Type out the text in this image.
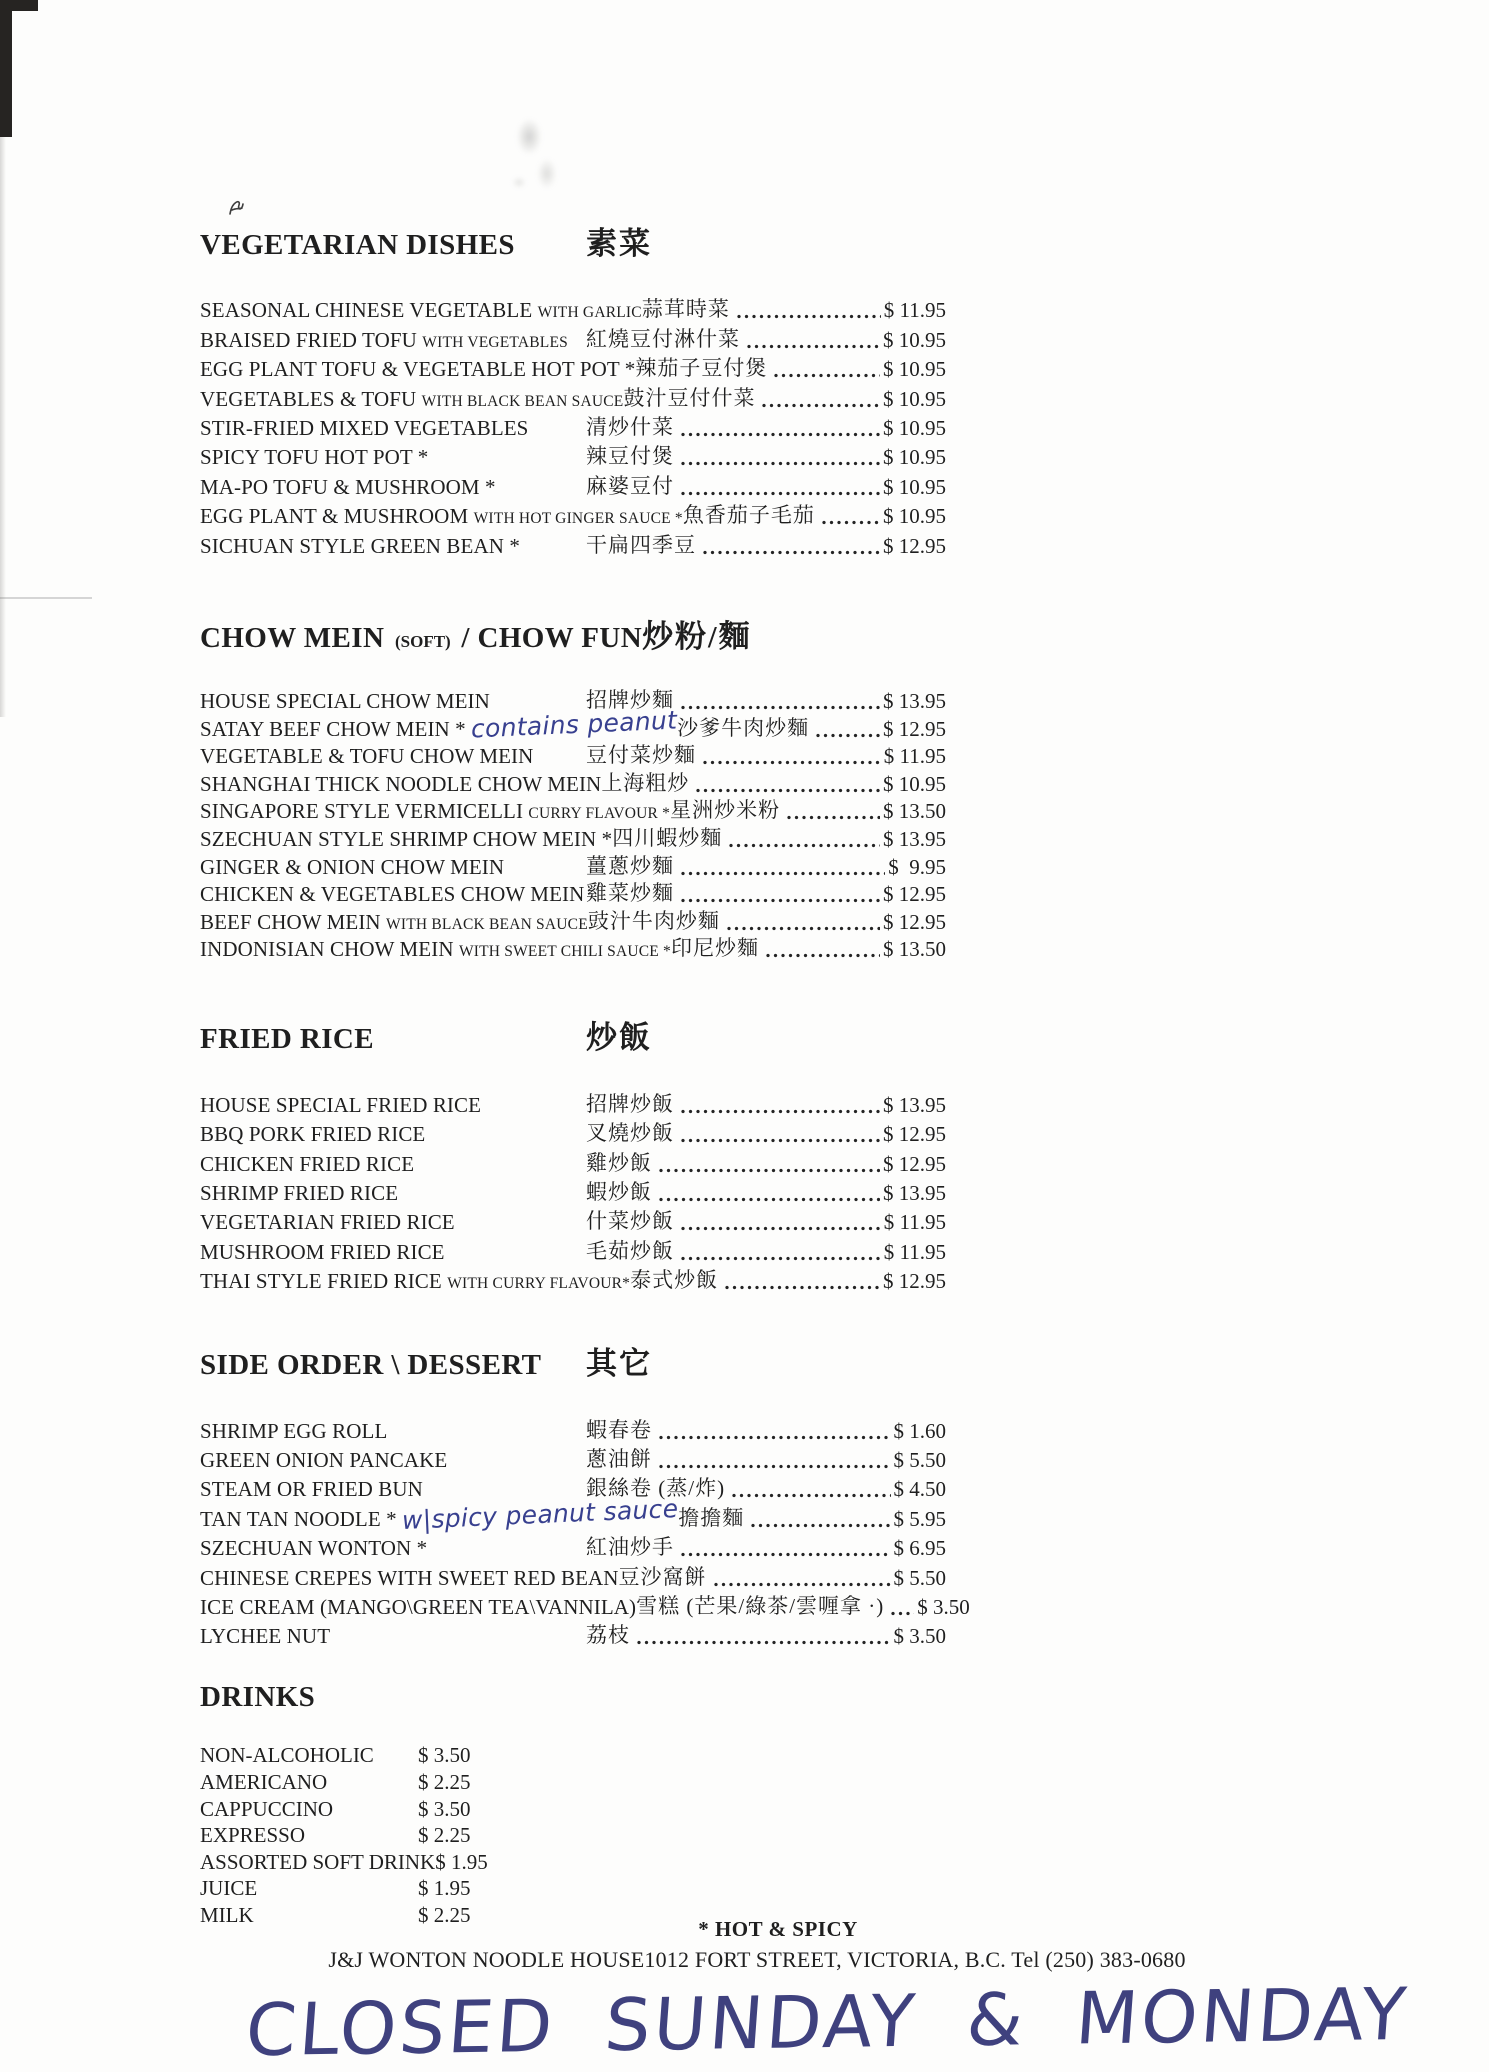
VEGETARIAN DISHES	素菜
SEASONAL CHINESE VEGETABLE WITH GARLIC 蒜茸時菜	$ 11.95
BRAISED FRIED TOFU WITH VEGETABLES 紅燒豆付淋什菜	$ 10.95
EGG PLANT TOFU & VEGETABLE HOT POT * 辣茄子豆付煲	$ 10.95
VEGETABLES & TOFU WITH BLACK BEAN SAUCE 鼓汁豆付什菜	$ 10.95
STIR-FRIED MIXED VEGETABLES	清炒什菜	$ 10.95
SPICY TOFU HOT POT *	辣豆付煲	$ 10.95
MA-PO TOFU & MUSHROOM *	麻婆豆付	$ 10.95
EGG PLANT & MUSHROOM WITH HOT GINGER SAUCE * 魚香茄子毛茄	$ 10.95
SICHUAN STYLE GREEN BEAN *	干扁四季豆	$ 12.95
CHOW MEIN (SOFT) / CHOW FUN 炒粉/麵
HOUSE SPECIAL CHOW MEIN	招牌炒麵	$ 13.95
SATAY BEEF CHOW MEIN * contains peanut 沙爹牛肉炒麵	$ 12.95
VEGETABLE & TOFU CHOW MEIN	豆付菜炒麵	$ 11.95
SHANGHAI THICK NOODLE CHOW MEIN 上海粗炒	$ 10.95
SINGAPORE STYLE VERMICELLI CURRY FLAVOUR * 星洲炒米粉	$ 13.50
SZECHUAN STYLE SHRIMP CHOW MEIN * 四川蝦炒麵	$ 13.95
GINGER & ONION CHOW MEIN	薑蔥炒麵	$  9.95
CHICKEN & VEGETABLES CHOW MEIN 雞菜炒麵	$ 12.95
BEEF CHOW MEIN WITH BLACK BEAN SAUCE 豉汁牛肉炒麵	$ 12.95
INDONISIAN CHOW MEIN WITH SWEET CHILI SAUCE * 印尼炒麵	$ 13.50
FRIED RICE	炒飯
HOUSE SPECIAL FRIED RICE	招牌炒飯	$ 13.95
BBQ PORK FRIED RICE	叉燒炒飯	$ 12.95
CHICKEN FRIED RICE	雞炒飯	$ 12.95
SHRIMP FRIED RICE	蝦炒飯	$ 13.95
VEGETARIAN FRIED RICE	什菜炒飯	$ 11.95
MUSHROOM FRIED RICE	毛茹炒飯	$ 11.95
THAI STYLE FRIED RICE WITH CURRY FLAVOUR* 泰式炒飯	$ 12.95
SIDE ORDER \ DESSERT	其它
SHRIMP EGG ROLL	蝦春卷	$ 1.60
GREEN ONION PANCAKE	蔥油餅	$ 5.50
STEAM OR FRIED BUN	銀絲卷 (蒸/炸)	$ 4.50
TAN TAN NOODLE * w|spicy peanut sauce 擔擔麵	$ 5.95
SZECHUAN WONTON *	紅油炒手	$ 6.95
CHINESE CREPES WITH SWEET RED BEAN 豆沙窩餅	$ 5.50
ICE CREAM (MANGO\GREEN TEA\VANNILA) 雪糕 (芒果/綠茶/雲喱拿 ·) $ 3.50
LYCHEE NUT	荔枝	$ 3.50
DRINKS
NON-ALCOHOLIC	$ 3.50
AMERICANO	$ 2.25
CAPPUCCINO	$ 3.50
EXPRESSO	$ 2.25
ASSORTED SOFT DRINK $ 1.95
JUICE	$ 1.95
MILK	$ 2.25
* HOT & SPICY
J&J WONTON NOODLE HOUSE1012 FORT STREET, VICTORIA, B.C. Tel (250) 383-0680
CLOSED SUNDAY & MONDAY
